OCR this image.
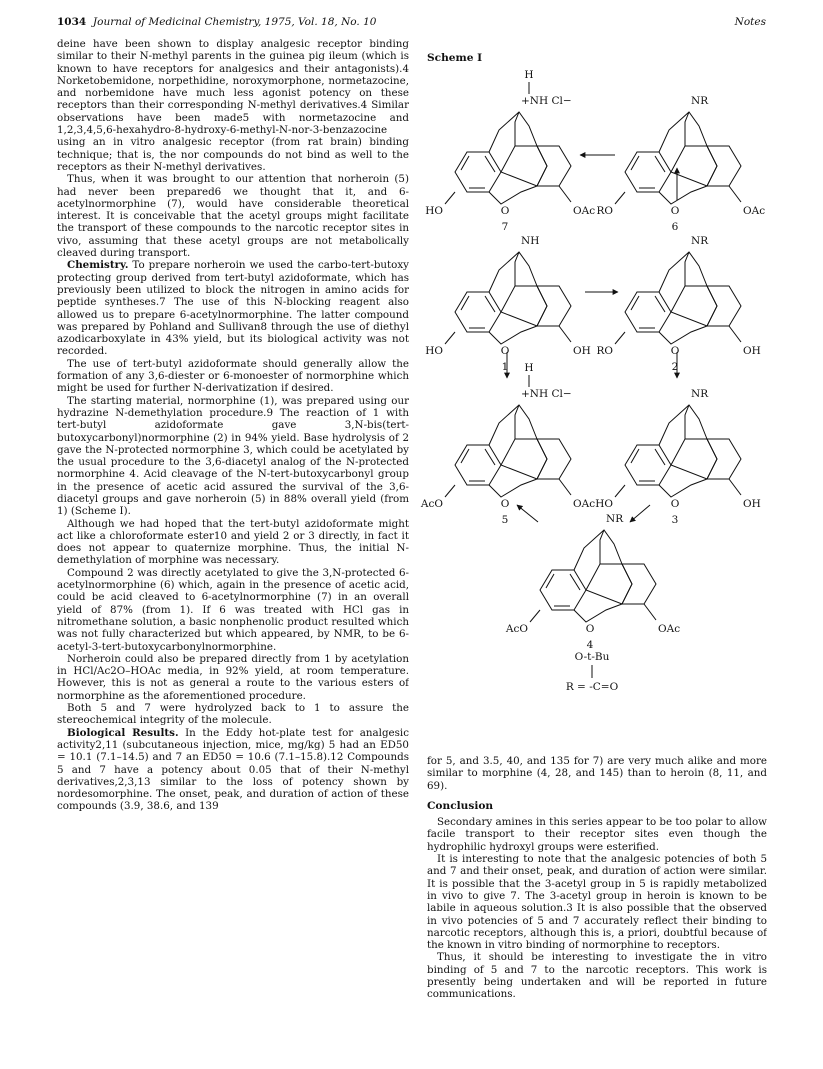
1034 Journal of Medicinal Chemistry, 1975, Vol. 18, No. 10	Notes

deine have been shown to display analgesic receptor binding similar to their N-methyl parents in the guinea pig ileum (which is known to have receptors for analgesics and their antagonists).4 Norketobemidone, norpethidine, noroxymorphone, normetazocine, and norbemidone have much less agonist potency on these receptors than their corresponding N-methyl derivatives.4 Similar observations have been made5 with normetazocine and 1,2,3,4,5,6-hexahydro-8-hydroxy-6-methyl-N-nor-3-benzazocine using an in vitro analgesic receptor (from rat brain) binding technique; that is, the nor compounds do not bind as well to the receptors as their N-methyl derivatives.

Thus, when it was brought to our attention that norheroin (5) had never been prepared6 we thought that it, and 6-acetylnormorphine (7), would have considerable theoretical interest. It is conceivable that the acetyl groups might facilitate the transport of these compounds to the narcotic receptor sites in vivo, assuming that these acetyl groups are not metabolically cleaved during transport.

Chemistry. To prepare norheroin we used the carbo-tert-butoxy protecting group derived from tert-butyl azidoformate, which has previously been utilized to block the nitrogen in amino acids for peptide syntheses.7 The use of this N-blocking reagent also allowed us to prepare 6-acetylnormorphine. The latter compound was prepared by Pohland and Sullivan8 through the use of diethyl azodicarboxylate in 43% yield, but its biological activity was not recorded.

The use of tert-butyl azidoformate should generally allow the formation of any 3,6-diester or 6-monoester of normorphine which might be used for further N-derivatization if desired.

The starting material, normorphine (1), was prepared using our hydrazine N-demethylation procedure.9 The reaction of 1 with tert-butyl azidoformate gave 3,N-bis(tert-butoxycarbonyl)normorphine (2) in 94% yield. Base hydrolysis of 2 gave the N-protected normorphine 3, which could be acetylated by the usual procedure to the 3,6-diacetyl analog of the N-protected normorphine 4. Acid cleavage of the N-tert-butoxycarbonyl group in the presence of acetic acid assured the survival of the 3,6-diacetyl groups and gave norheroin (5) in 88% overall yield (from 1) (Scheme I).

Although we had hoped that the tert-butyl azidoformate might act like a chloroformate ester10 and yield 2 or 3 directly, in fact it does not appear to quaternize morphine. Thus, the initial N-demethylation of morphine was necessary.

Compound 2 was directly acetylated to give the 3,N-protected 6-acetylnormorphine (6) which, again in the presence of acetic acid, could be acid cleaved to 6-acetylnormorphine (7) in an overall yield of 87% (from 1). If 6 was treated with HCl gas in nitromethane solution, a basic nonphenolic product resulted which was not fully characterized but which appeared, by NMR, to be 6-acetyl-3-tert-butoxycarbonylnormorphine.

Norheroin could also be prepared directly from 1 by acetylation in HCl/Ac2O–HOAc media, in 92% yield, at room temperature. However, this is not as general a route to the various esters of normorphine as the aforementioned procedure.

Both 5 and 7 were hydrolyzed back to 1 to assure the stereochemical integrity of the molecule.

Biological Results. In the Eddy hot-plate test for analgesic activity2,11 (subcutaneous injection, mice, mg/kg) 5 had an ED50 = 10.1 (7.1–14.5) and 7 an ED50 = 10.6 (7.1–15.8).12 Compounds 5 and 7 have a potency about 0.05 that of their N-methyl derivatives,2,3,13 similar to the loss of potency shown by nordesomorphine. The onset, peak, and duration of action of these compounds (3.9, 38.6, and 139

Scheme I
+NH Cl−
H
HO	OAc
O
7
NR
RO	OAc
O
6
NH
HO	OH
O
1
NR
RO	OH
O
2
+NH Cl−
H
AcO	OAc
O
5
NR
HO	OH
O
3
NR
AcO	OAc
O
4
O-t-Bu
R = -C=O

for 5, and 3.5, 40, and 135 for 7) are very much alike and more similar to morphine (4, 28, and 145) than to heroin (8, 11, and 69).

Conclusion

Secondary amines in this series appear to be too polar to allow facile transport to their receptor sites even though the hydrophilic hydroxyl groups were esterified.

It is interesting to note that the analgesic potencies of both 5 and 7 and their onset, peak, and duration of action were similar. It is possible that the 3-acetyl group in 5 is rapidly metabolized in vivo to give 7. The 3-acetyl group in heroin is known to be labile in aqueous solution.3 It is also possible that the observed in vivo potencies of 5 and 7 accurately reflect their binding to narcotic receptors, although this is, a priori, doubtful because of the known in vitro binding of normorphine to receptors.

Thus, it should be interesting to investigate the in vitro binding of 5 and 7 to the narcotic receptors. This work is presently being undertaken and will be reported in future communications.
